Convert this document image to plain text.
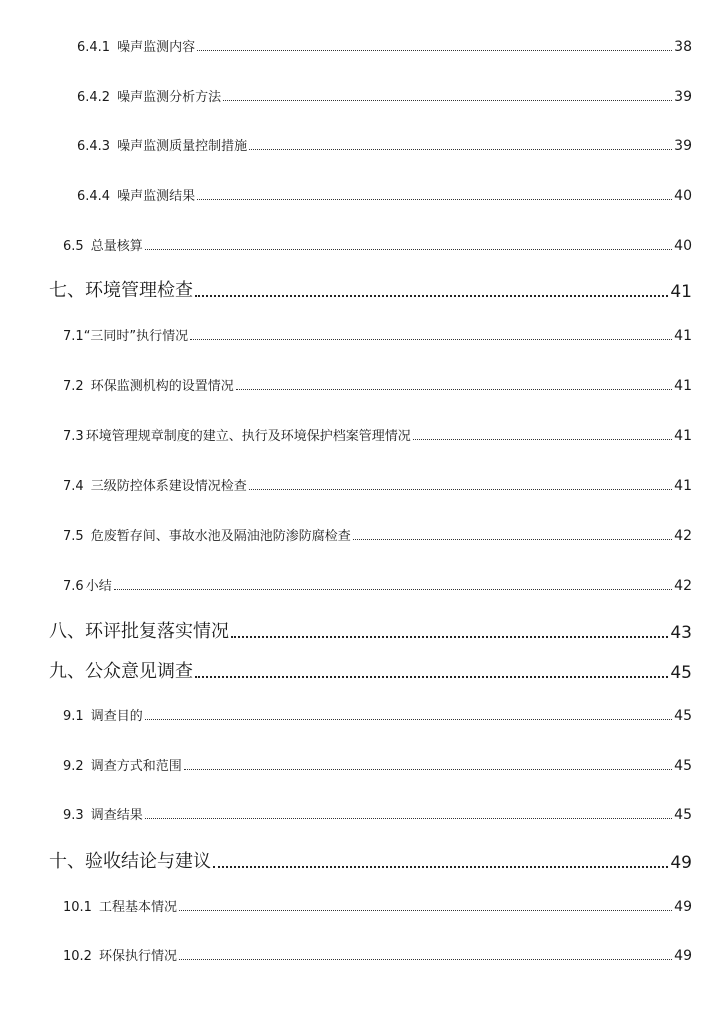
6.4.1 噪声监测内容	38
6.4.2 噪声监测分析方法	39
6.4.3 噪声监测质量控制措施	39
6.4.4 噪声监测结果	40
6.5 总量核算	40
七、环境管理检查	41
7.1 “三同时”执行情况	41
7.2 环保监测机构的设置情况	41
7.3 环境管理规章制度的建立、执行及环境保护档案管理情况	41
7.4 三级防控体系建设情况检查	41
7.5 危废暂存间、事故水池及隔油池防渗防腐检查	42
7.6 小结	42
八、环评批复落实情况	43
九、公众意见调查	45
9.1 调查目的	45
9.2 调查方式和范围	45
9.3 调查结果	45
十、验收结论与建议	49
10.1 工程基本情况	49
10.2 环保执行情况	49
